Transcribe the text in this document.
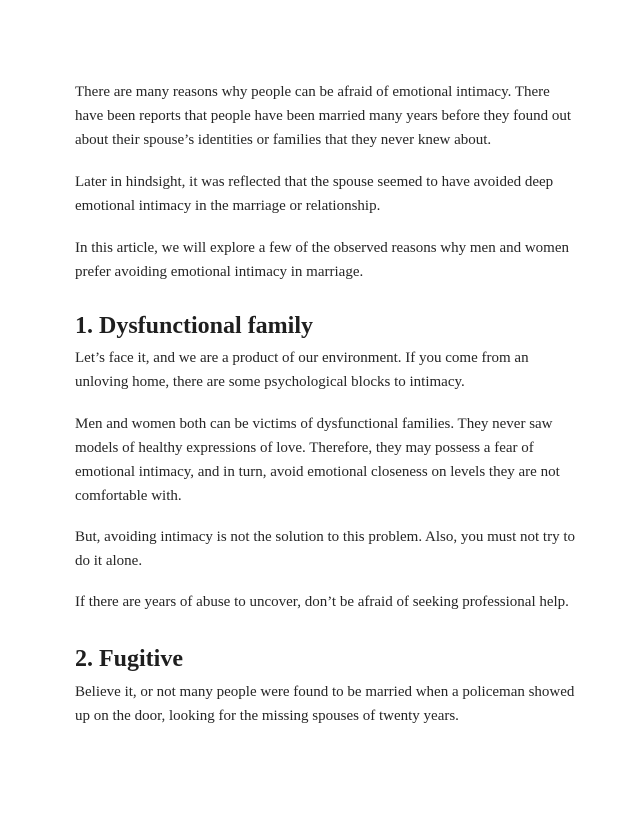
There are many reasons why people can be afraid of emotional intimacy. There have been reports that people have been married many years before they found out about their spouse’s identities or families that they never knew about.

Later in hindsight, it was reflected that the spouse seemed to have avoided deep emotional intimacy in the marriage or relationship.

In this article, we will explore a few of the observed reasons why men and women prefer avoiding emotional intimacy in marriage.

1. Dysfunctional family

Let’s face it, and we are a product of our environment. If you come from an unloving home, there are some psychological blocks to intimacy.

Men and women both can be victims of dysfunctional families. They never saw models of healthy expressions of love. Therefore, they may possess a fear of emotional intimacy, and in turn, avoid emotional closeness on levels they are not comfortable with.

But, avoiding intimacy is not the solution to this problem. Also, you must not try to do it alone.

If there are years of abuse to uncover, don’t be afraid of seeking professional help.

2. Fugitive

Believe it, or not many people were found to be married when a policeman showed up on the door, looking for the missing spouses of twenty years.
